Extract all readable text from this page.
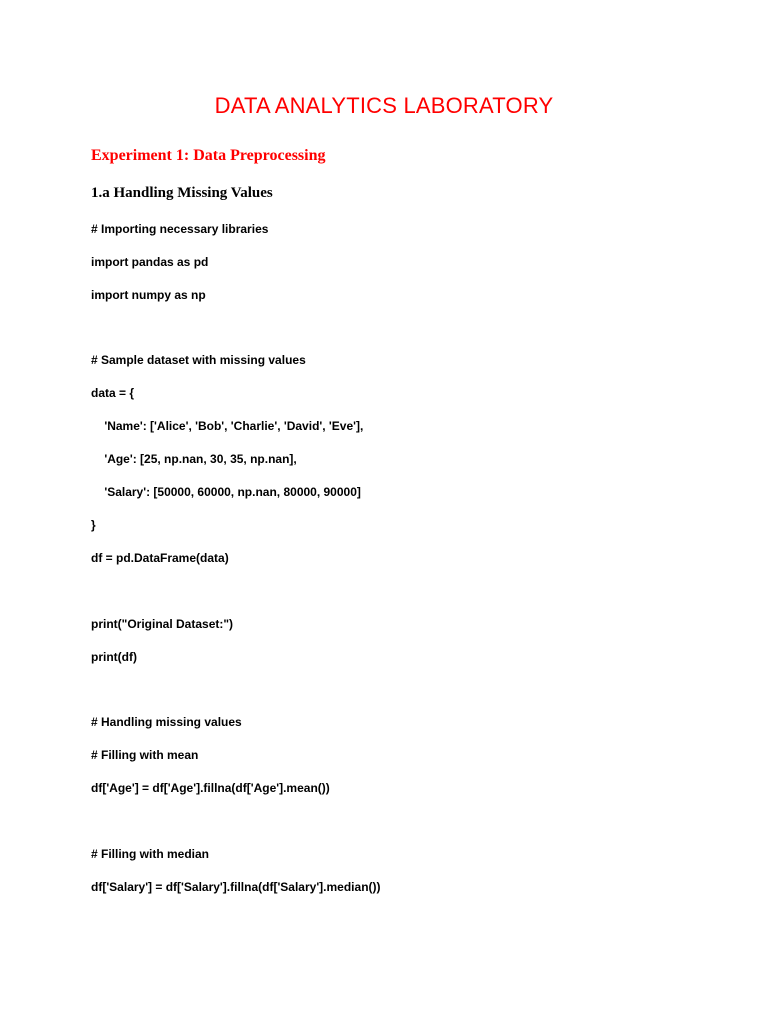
DATA ANALYTICS LABORATORY
Experiment 1: Data Preprocessing
1.a Handling Missing Values
# Importing necessary libraries
import pandas as pd
import numpy as np
# Sample dataset with missing values
data = {
'Name': ['Alice', 'Bob', 'Charlie', 'David', 'Eve'],
'Age': [25, np.nan, 30, 35, np.nan],
'Salary': [50000, 60000, np.nan, 80000, 90000]
}
df = pd.DataFrame(data)
print("Original Dataset:")
print(df)
# Handling missing values
# Filling with mean
df['Age'] = df['Age'].fillna(df['Age'].mean())
# Filling with median
df['Salary'] = df['Salary'].fillna(df['Salary'].median())
